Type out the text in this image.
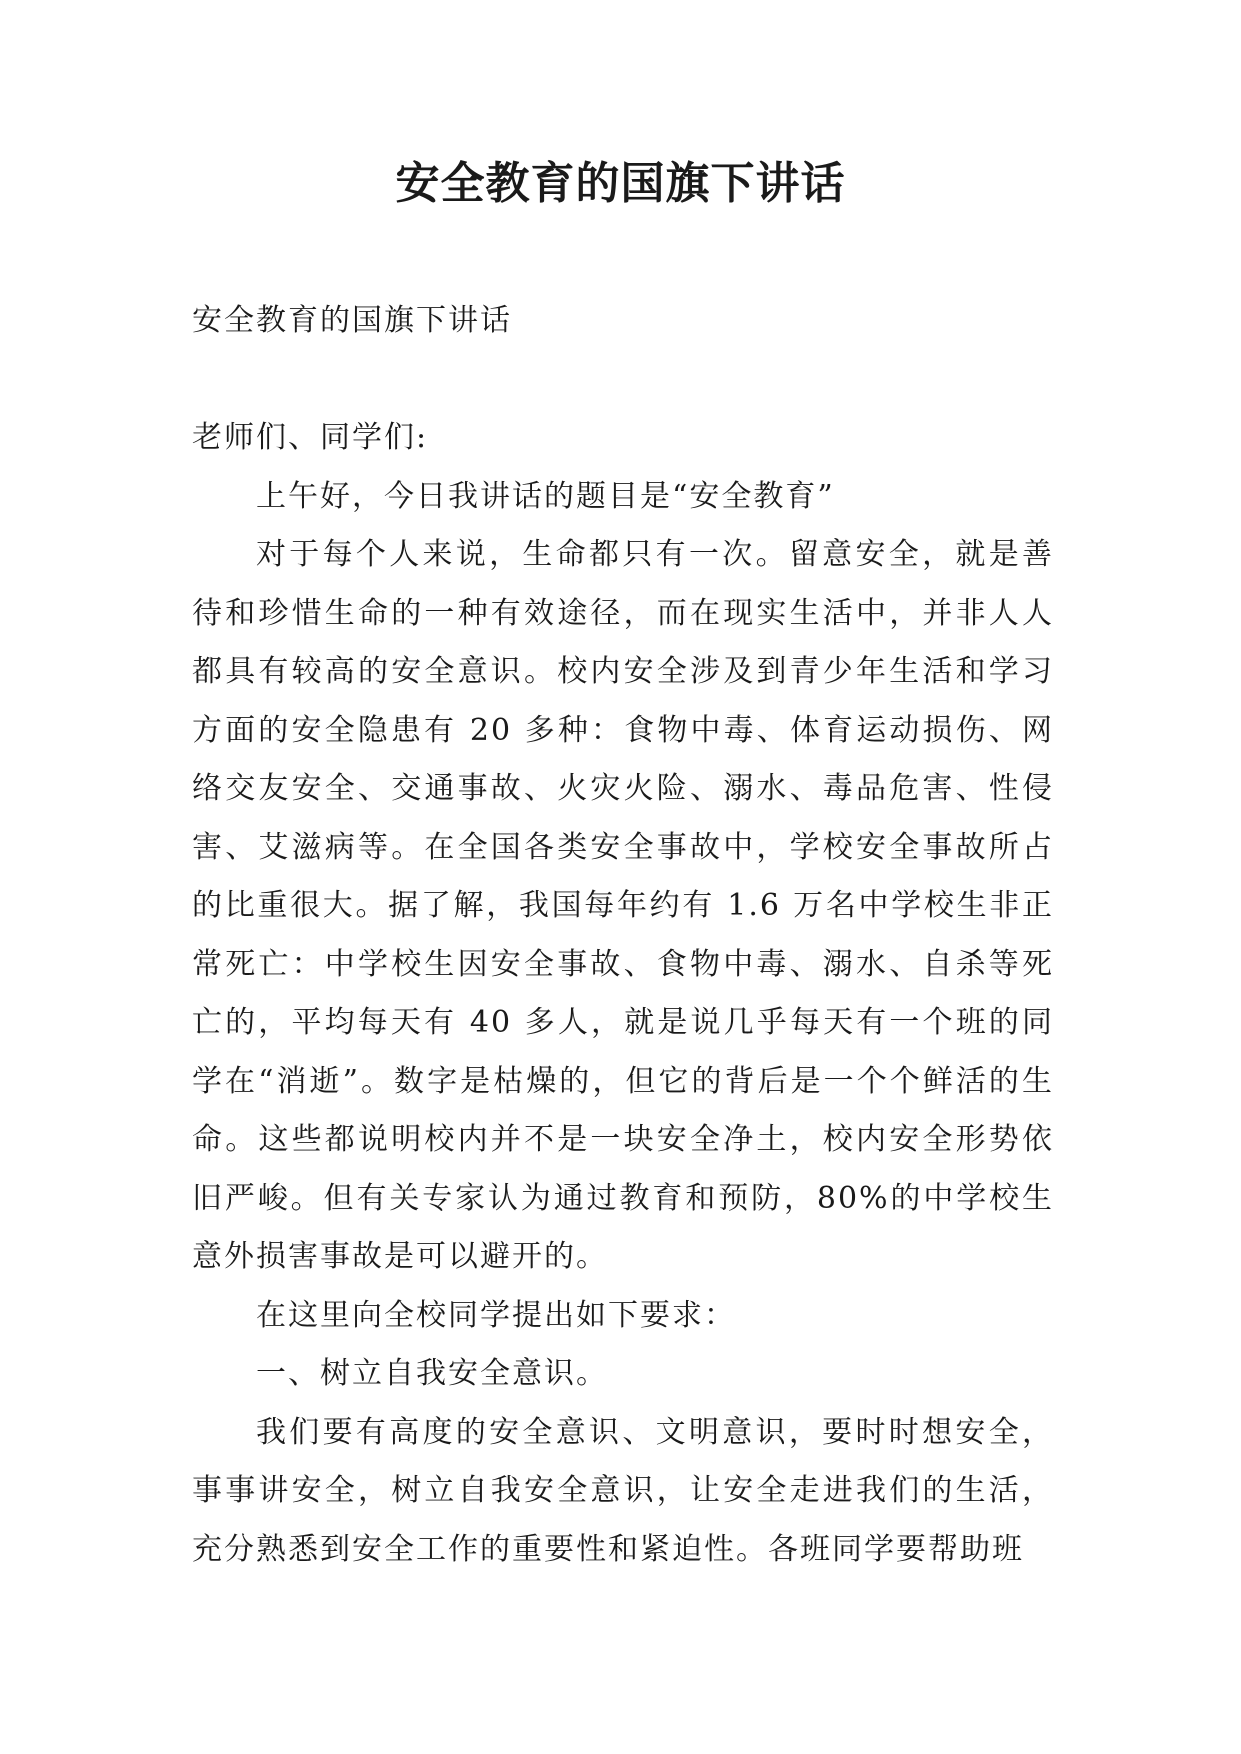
安全教育的国旗下讲话

安全教育的国旗下讲话

老师们、同学们:

上午好，今日我讲话的题目是“安全教育”

对于每个人来说，生命都只有一次。留意安全，就是善待和珍惜生命的一种有效途径，而在现实生活中，并非人人都具有较高的安全意识。校内安全涉及到青少年生活和学习方面的安全隐患有 20 多种：食物中毒、体育运动损伤、网络交友安全、交通事故、火灾火险、溺水、毒品危害、性侵害、艾滋病等。在全国各类安全事故中，学校安全事故所占的比重很大。据了解，我国每年约有 1.6 万名中学校生非正常死亡：中学校生因安全事故、食物中毒、溺水、自杀等死亡的，平均每天有 40 多人，就是说几乎每天有一个班的同学在“消逝”。数字是枯燥的，但它的背后是一个个鲜活的生命。这些都说明校内并不是一块安全净土，校内安全形势依旧严峻。但有关专家认为通过教育和预防，80%的中学校生意外损害事故是可以避开的。

在这里向全校同学提出如下要求：

一、树立自我安全意识。

我们要有高度的安全意识、文明意识，要时时想安全，事事讲安全，树立自我安全意识，让安全走进我们的生活，充分熟悉到安全工作的重要性和紧迫性。各班同学要帮助班
